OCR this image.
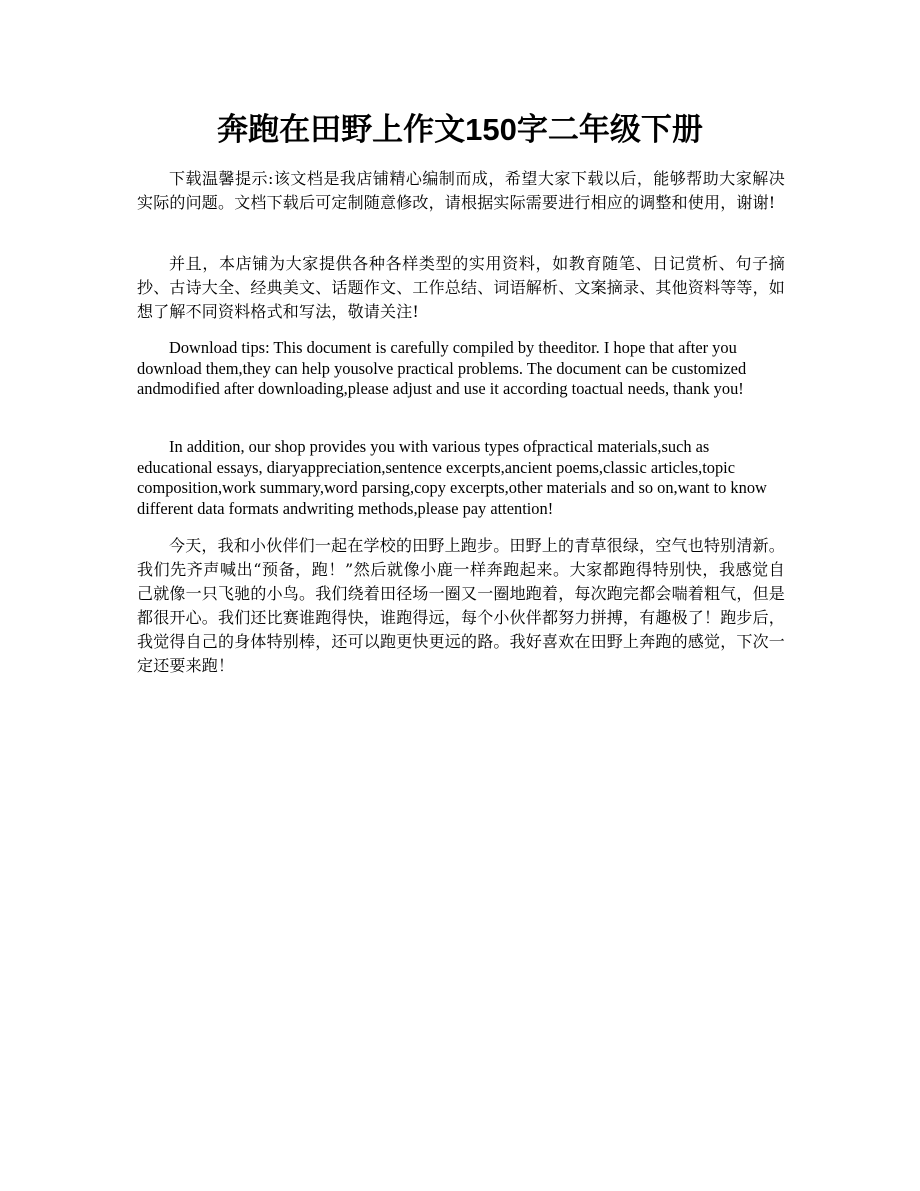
奔跑在田野上作文150字二年级下册

下载温馨提示:该文档是我店铺精心编制而成，希望大家下载以后，能够帮助大家解决实际的问题。文档下载后可定制随意修改，请根据实际需要进行相应的调整和使用，谢谢!

并且，本店铺为大家提供各种各样类型的实用资料，如教育随笔、日记赏析、句子摘抄、古诗大全、经典美文、话题作文、工作总结、词语解析、文案摘录、其他资料等等，如想了解不同资料格式和写法，敬请关注!

Download tips: This document is carefully compiled by theeditor. I hope that after you download them,they can help yousolve practical problems. The document can be customized andmodified after downloading,please adjust and use it according toactual needs, thank you!

In addition, our shop provides you with various types ofpractical materials,such as educational essays, diaryappreciation,sentence excerpts,ancient poems,classic articles,topic composition,work summary,word parsing,copy excerpts,other materials and so on,want to know different data formats andwriting methods,please pay attention!

今天，我和小伙伴们一起在学校的田野上跑步。田野上的青草很绿，空气也特别清新。我们先齐声喊出“预备，跑！”然后就像小鹿一样奔跑起来。大家都跑得特别快，我感觉自己就像一只飞驰的小鸟。我们绕着田径场一圈又一圈地跑着，每次跑完都会喘着粗气，但是都很开心。我们还比赛谁跑得快，谁跑得远，每个小伙伴都努力拼搏，有趣极了！跑步后，我觉得自己的身体特别棒，还可以跑更快更远的路。我好喜欢在田野上奔跑的感觉，下次一定还要来跑！
